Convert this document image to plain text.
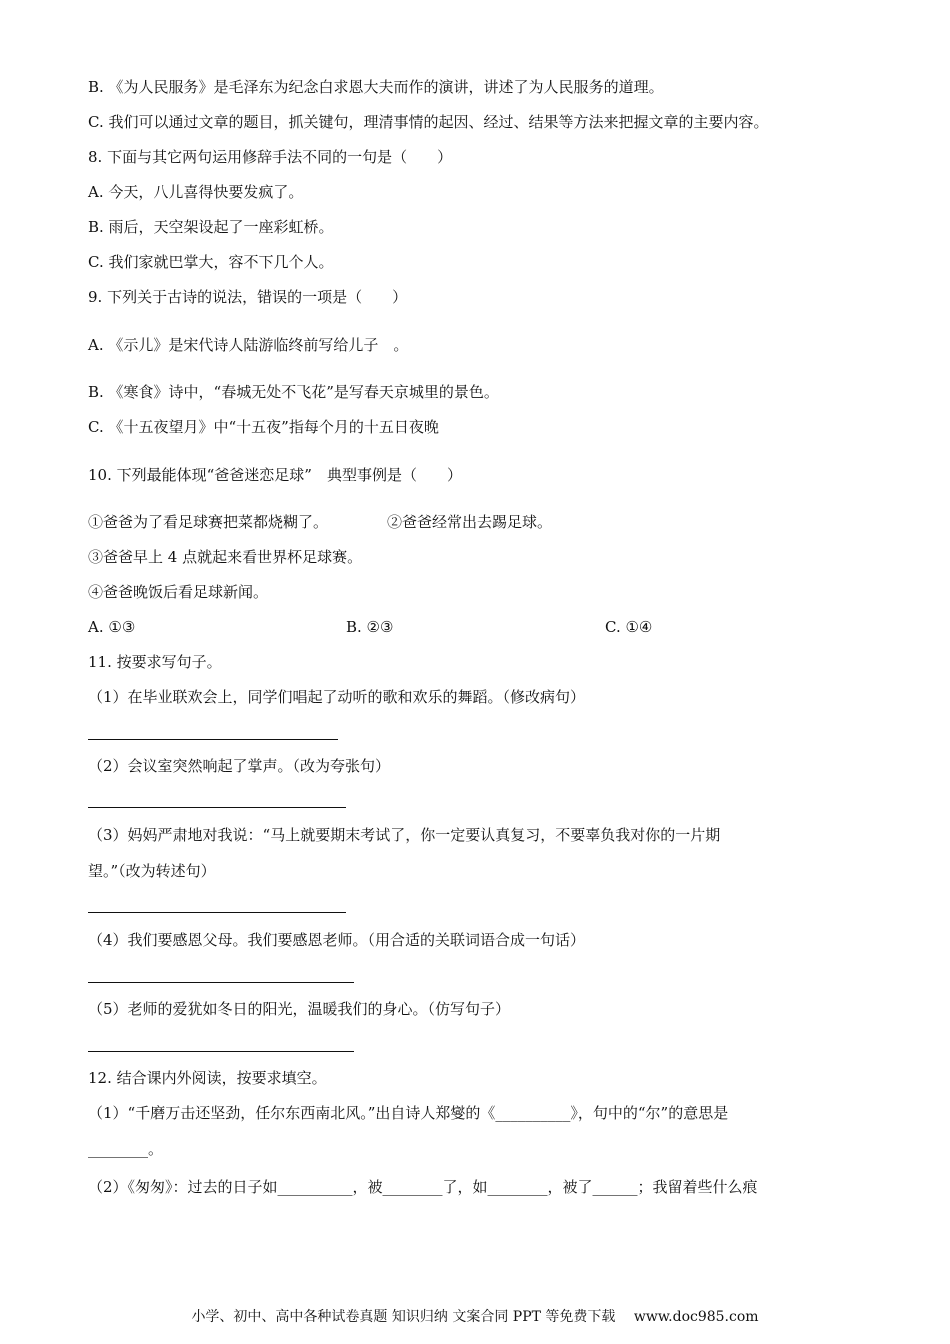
B. 《为人民服务》是毛泽东为纪念白求恩大夫而作的演讲，讲述了为人民服务的道理。
C. 我们可以通过文章的题目，抓关键句，理清事情的起因、经过、结果等方法来把握文章的主要内容。
8. 下面与其它两句运用修辞手法不同的一句是（　　）
A. 今天，八儿喜得快要发疯了。
B. 雨后，天空架设起了一座彩虹桥。
C. 我们家就巴掌大，容不下几个人。
9. 下列关于古诗的说法，错误的一项是（　　）
A. 《示儿》是宋代诗人陆游临终前写给儿子　。
B. 《寒食》诗中，“春城无处不飞花”是写春天京城里的景色。
C. 《十五夜望月》中“十五夜”指每个月的十五日夜晚
10. 下列最能体现“爸爸迷恋足球”　典型事例是（　　）
①爸爸为了看足球赛把菜都烧糊了。	②爸爸经常出去踢足球。
③爸爸早上 4 点就起来看世界杯足球赛。
④爸爸晚饭后看足球新闻。
A. ①③	B. ②③	C. ①④
11. 按要求写句子。
（1）在毕业联欢会上，同学们唱起了动听的歌和欢乐的舞蹈。（修改病句）
（2）会议室突然响起了掌声。（改为夸张句）
（3）妈妈严肃地对我说：“马上就要期末考试了，你一定要认真复习，不要辜负我对你的一片期
望。”（改为转述句）
（4）我们要感恩父母。我们要感恩老师。（用合适的关联词语合成一句话）
（5）老师的爱犹如冬日的阳光，温暖我们的身心。（仿写句子）
12. 结合课内外阅读，按要求填空。
（1）“千磨万击还坚劲，任尔东西南北风。”出自诗人郑燮的《__________》，句中的“尔”的意思是
________。
（2）《匆匆》：过去的日子如__________，被________了，如________，被了______；我留着些什么痕
小学、初中、高中各种试卷真题 知识归纳 文案合同 PPT 等免费下载　 www.doc985.com
